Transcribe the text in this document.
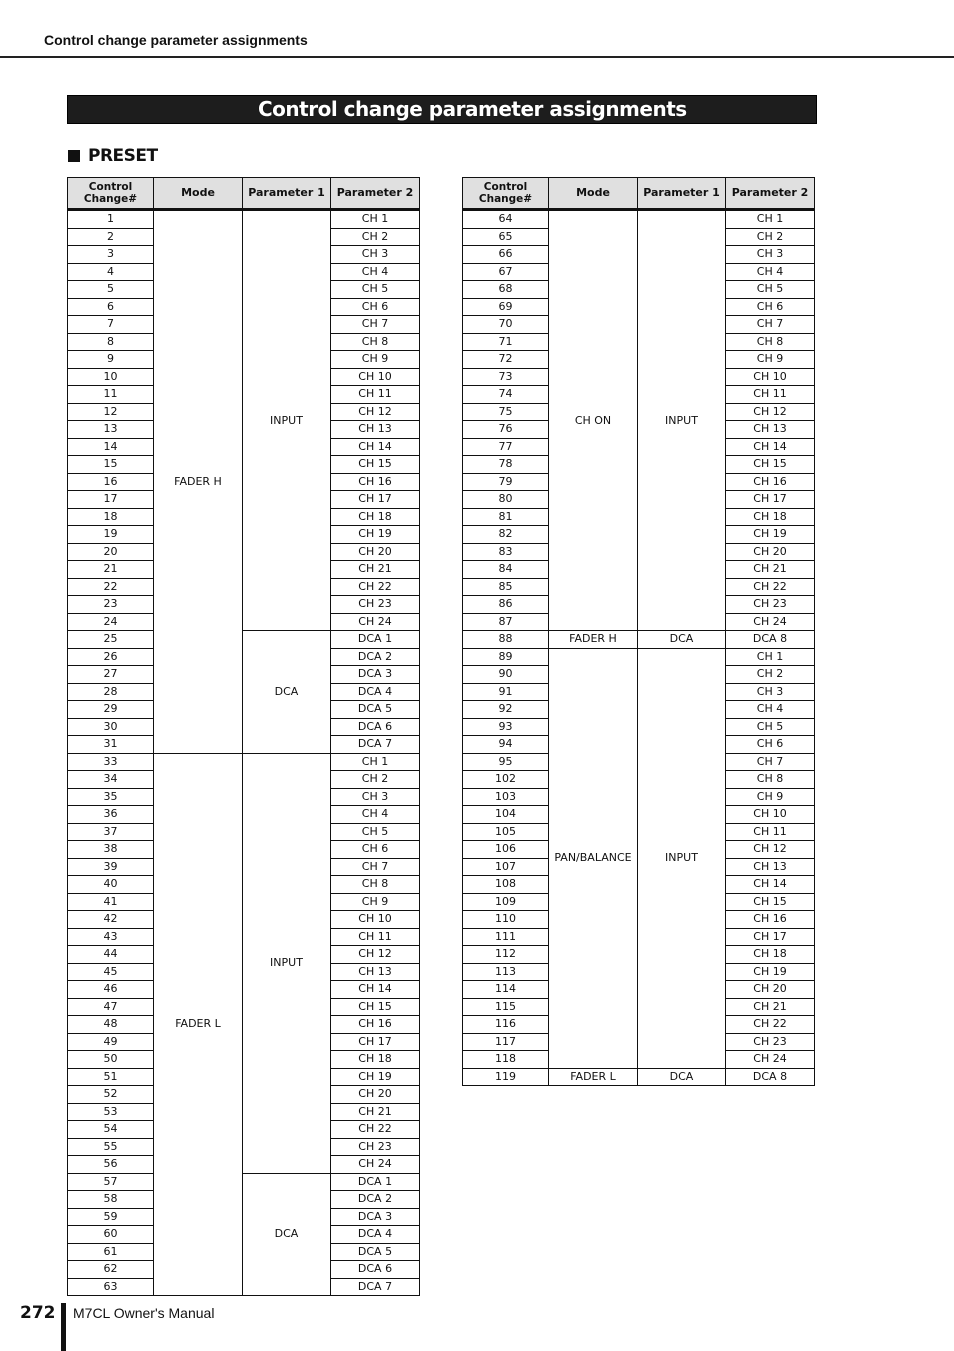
Control change parameter assignments
Control change parameter assignments
PRESET
Control Change#	Mode	Parameter 1	Parameter 2
1	FADER H	INPUT	CH 1
2			CH 2
3			CH 3
4			CH 4
5			CH 5
6			CH 6
7			CH 7
8			CH 8
9			CH 9
10			CH 10
11			CH 11
12			CH 12
13			CH 13
14			CH 14
15			CH 15
16			CH 16
17			CH 17
18			CH 18
19			CH 19
20			CH 20
21			CH 21
22			CH 22
23			CH 23
24			CH 24
25		DCA	DCA 1
26			DCA 2
27			DCA 3
28			DCA 4
29			DCA 5
30			DCA 6
31			DCA 7
33	FADER L	INPUT	CH 1
34			CH 2
35			CH 3
36			CH 4
37			CH 5
38			CH 6
39			CH 7
40			CH 8
41			CH 9
42			CH 10
43			CH 11
44			CH 12
45			CH 13
46			CH 14
47			CH 15
48			CH 16
49			CH 17
50			CH 18
51			CH 19
52			CH 20
53			CH 21
54			CH 22
55			CH 23
56			CH 24
57		DCA	DCA 1
58			DCA 2
59			DCA 3
60			DCA 4
61			DCA 5
62			DCA 6
63			DCA 7
Control Change#	Mode	Parameter 1	Parameter 2
64	CH ON	INPUT	CH 1
65			CH 2
66			CH 3
67			CH 4
68			CH 5
69			CH 6
70			CH 7
71			CH 8
72			CH 9
73			CH 10
74			CH 11
75			CH 12
76			CH 13
77			CH 14
78			CH 15
79			CH 16
80			CH 17
81			CH 18
82			CH 19
83			CH 20
84			CH 21
85			CH 22
86			CH 23
87			CH 24
88	FADER H	DCA	DCA 8
89	PAN/BALANCE	INPUT	CH 1
90			CH 2
91			CH 3
92			CH 4
93			CH 5
94			CH 6
95			CH 7
102			CH 8
103			CH 9
104			CH 10
105			CH 11
106			CH 12
107			CH 13
108			CH 14
109			CH 15
110			CH 16
111			CH 17
112			CH 18
113			CH 19
114			CH 20
115			CH 21
116			CH 22
117			CH 23
118			CH 24
119	FADER L	DCA	DCA 8
272 M7CL Owner's Manual
